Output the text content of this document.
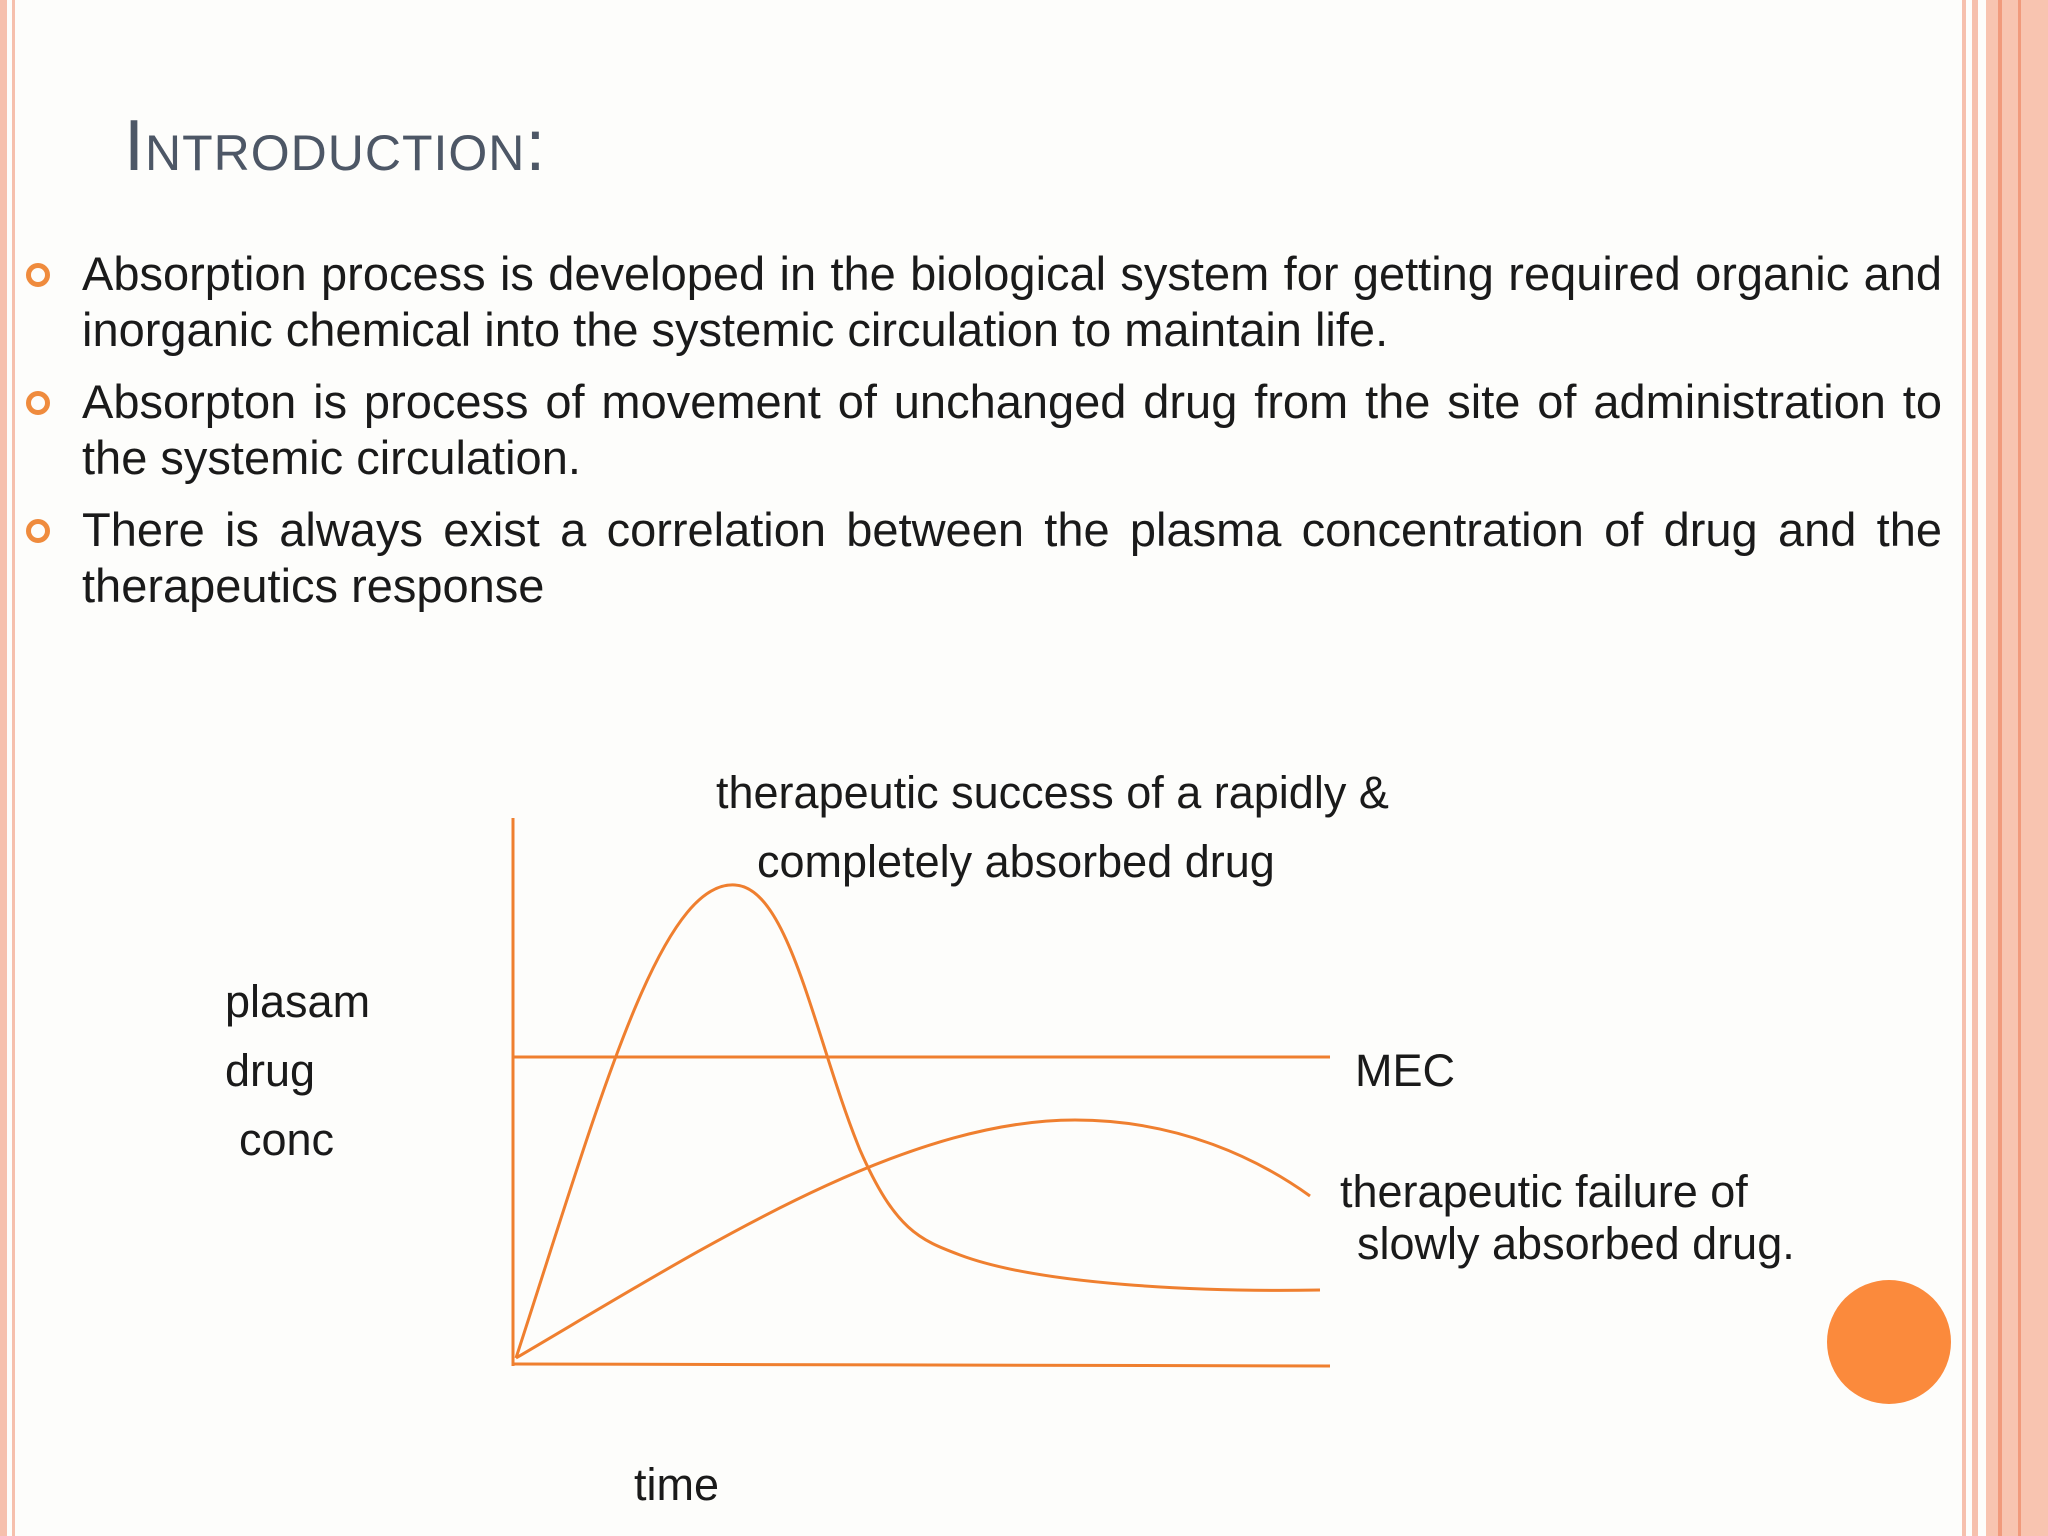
Introduction:
Absorption process is developed in the biological system for getting required organic and inorganic chemical into the systemic circulation to maintain life.
Absorpton is process of movement of unchanged drug from the site of administration to the systemic circulation.
There is always exist a correlation between the plasma concentration of drug and the therapeutics response
plasam
drug
conc
therapeutic success of a rapidly &
completely absorbed drug
MEC
therapeutic failure of
slowly absorbed drug.
time
